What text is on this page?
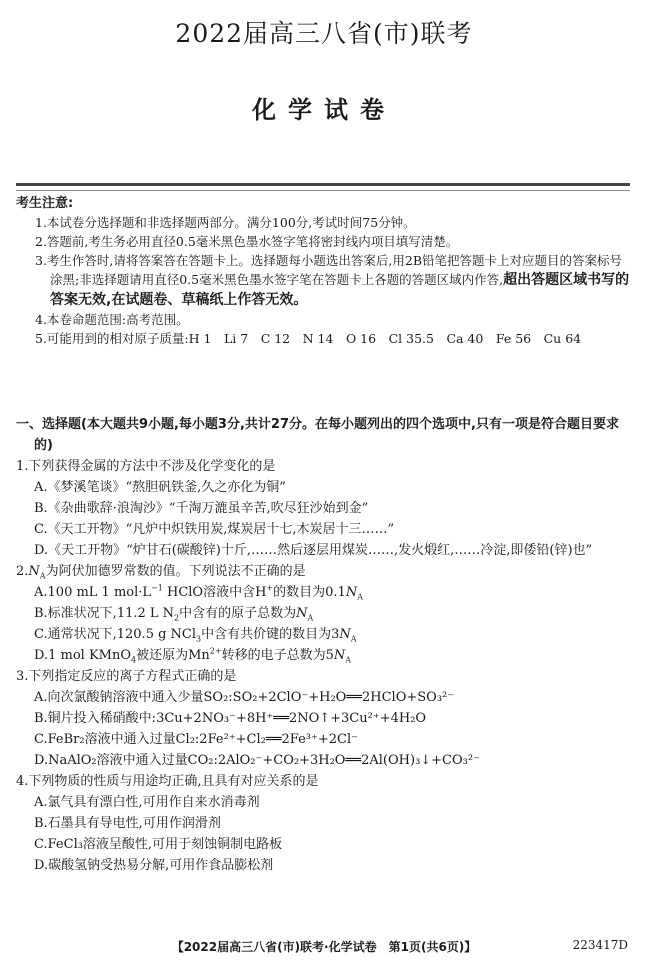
2022届高三八省(市)联考
化学试卷
考生注意:
1.本试卷分选择题和非选择题两部分。满分100分,考试时间75分钟。
2.答题前,考生务必用直径0.5毫米黑色墨水签字笔将密封线内项目填写清楚。
3.考生作答时,请将答案答在答题卡上。选择题每小题选出答案后,用2B铅笔把答题卡上对应题目的答案标号涂黑;非选择题请用直径0.5毫米黑色墨水签字笔在答题卡上各题的答题区域内作答,超出答题区域书写的答案无效,在试题卷、草稿纸上作答无效。
4.本卷命题范围:高考范围。
5.可能用到的相对原子质量:H 1　Li 7　C 12　N 14　O 16　Cl 35.5　Ca 40　Fe 56　Cu 64
一、选择题(本大题共9小题,每小题3分,共计27分。在每小题列出的四个选项中,只有一项是符合题目要求的)
1.下列获得金属的方法中不涉及化学变化的是
A.《梦溪笔谈》“熬胆矾铁釜,久之亦化为铜”
B.《杂曲歌辞·浪淘沙》“千淘万漉虽辛苦,吹尽狂沙始到金”
C.《天工开物》“凡炉中炽铁用炭,煤炭居十七,木炭居十三……”
D.《天工开物》“炉甘石(碳酸锌)十斤,……然后逐层用煤炭……,发火煅红,……冷淀,即倭铅(锌)也”
$2.N_A$为阿伏加德罗常数的值。下列说法不正确的是
A.100 mL 1 $mol\cdot L^{-1}$ HClO溶液中含H+的数目为$0.1N_A$
B.标准状况下,11.2 L $N_2$中含有的原子总数为$N_A$
C.通常状况下,120.5 g NCl$_3$中含有共价键的数目为$3N_A$
D.1 mol KMnO$_4$被还原为$Mn^{2+}$转移的电子总数为$5N_A$
3.下列指定反应的离子方程式正确的是
A.向次氯酸钠溶液中通入少量SO₂:SO₂+2ClO⁻+H₂O══2HClO+SO₃²⁻
B.铜片投入稀硝酸中:3Cu+2NO₃⁻+8H⁺══2NO↑+3Cu²⁺+4H₂O
C.FeBr₂溶液中通入过量Cl₂:2Fe²⁺+Cl₂══2Fe³⁺+2Cl⁻
D.NaAlO₂溶液中通入过量CO₂:2AlO₂⁻+CO₂+3H₂O══2Al(OH)₃↓+CO₃²⁻
4.下列物质的性质与用途均正确,且具有对应关系的是
A.氯气具有漂白性,可用作自来水消毒剂
B.石墨具有导电性,可用作润滑剂
C.FeCl₃溶液呈酸性,可用于刻蚀铜制电路板
D.碳酸氢钠受热易分解,可用作食品膨松剂
【2022届高三八省(市)联考·化学试卷　第1页(共6页)】	223417D
